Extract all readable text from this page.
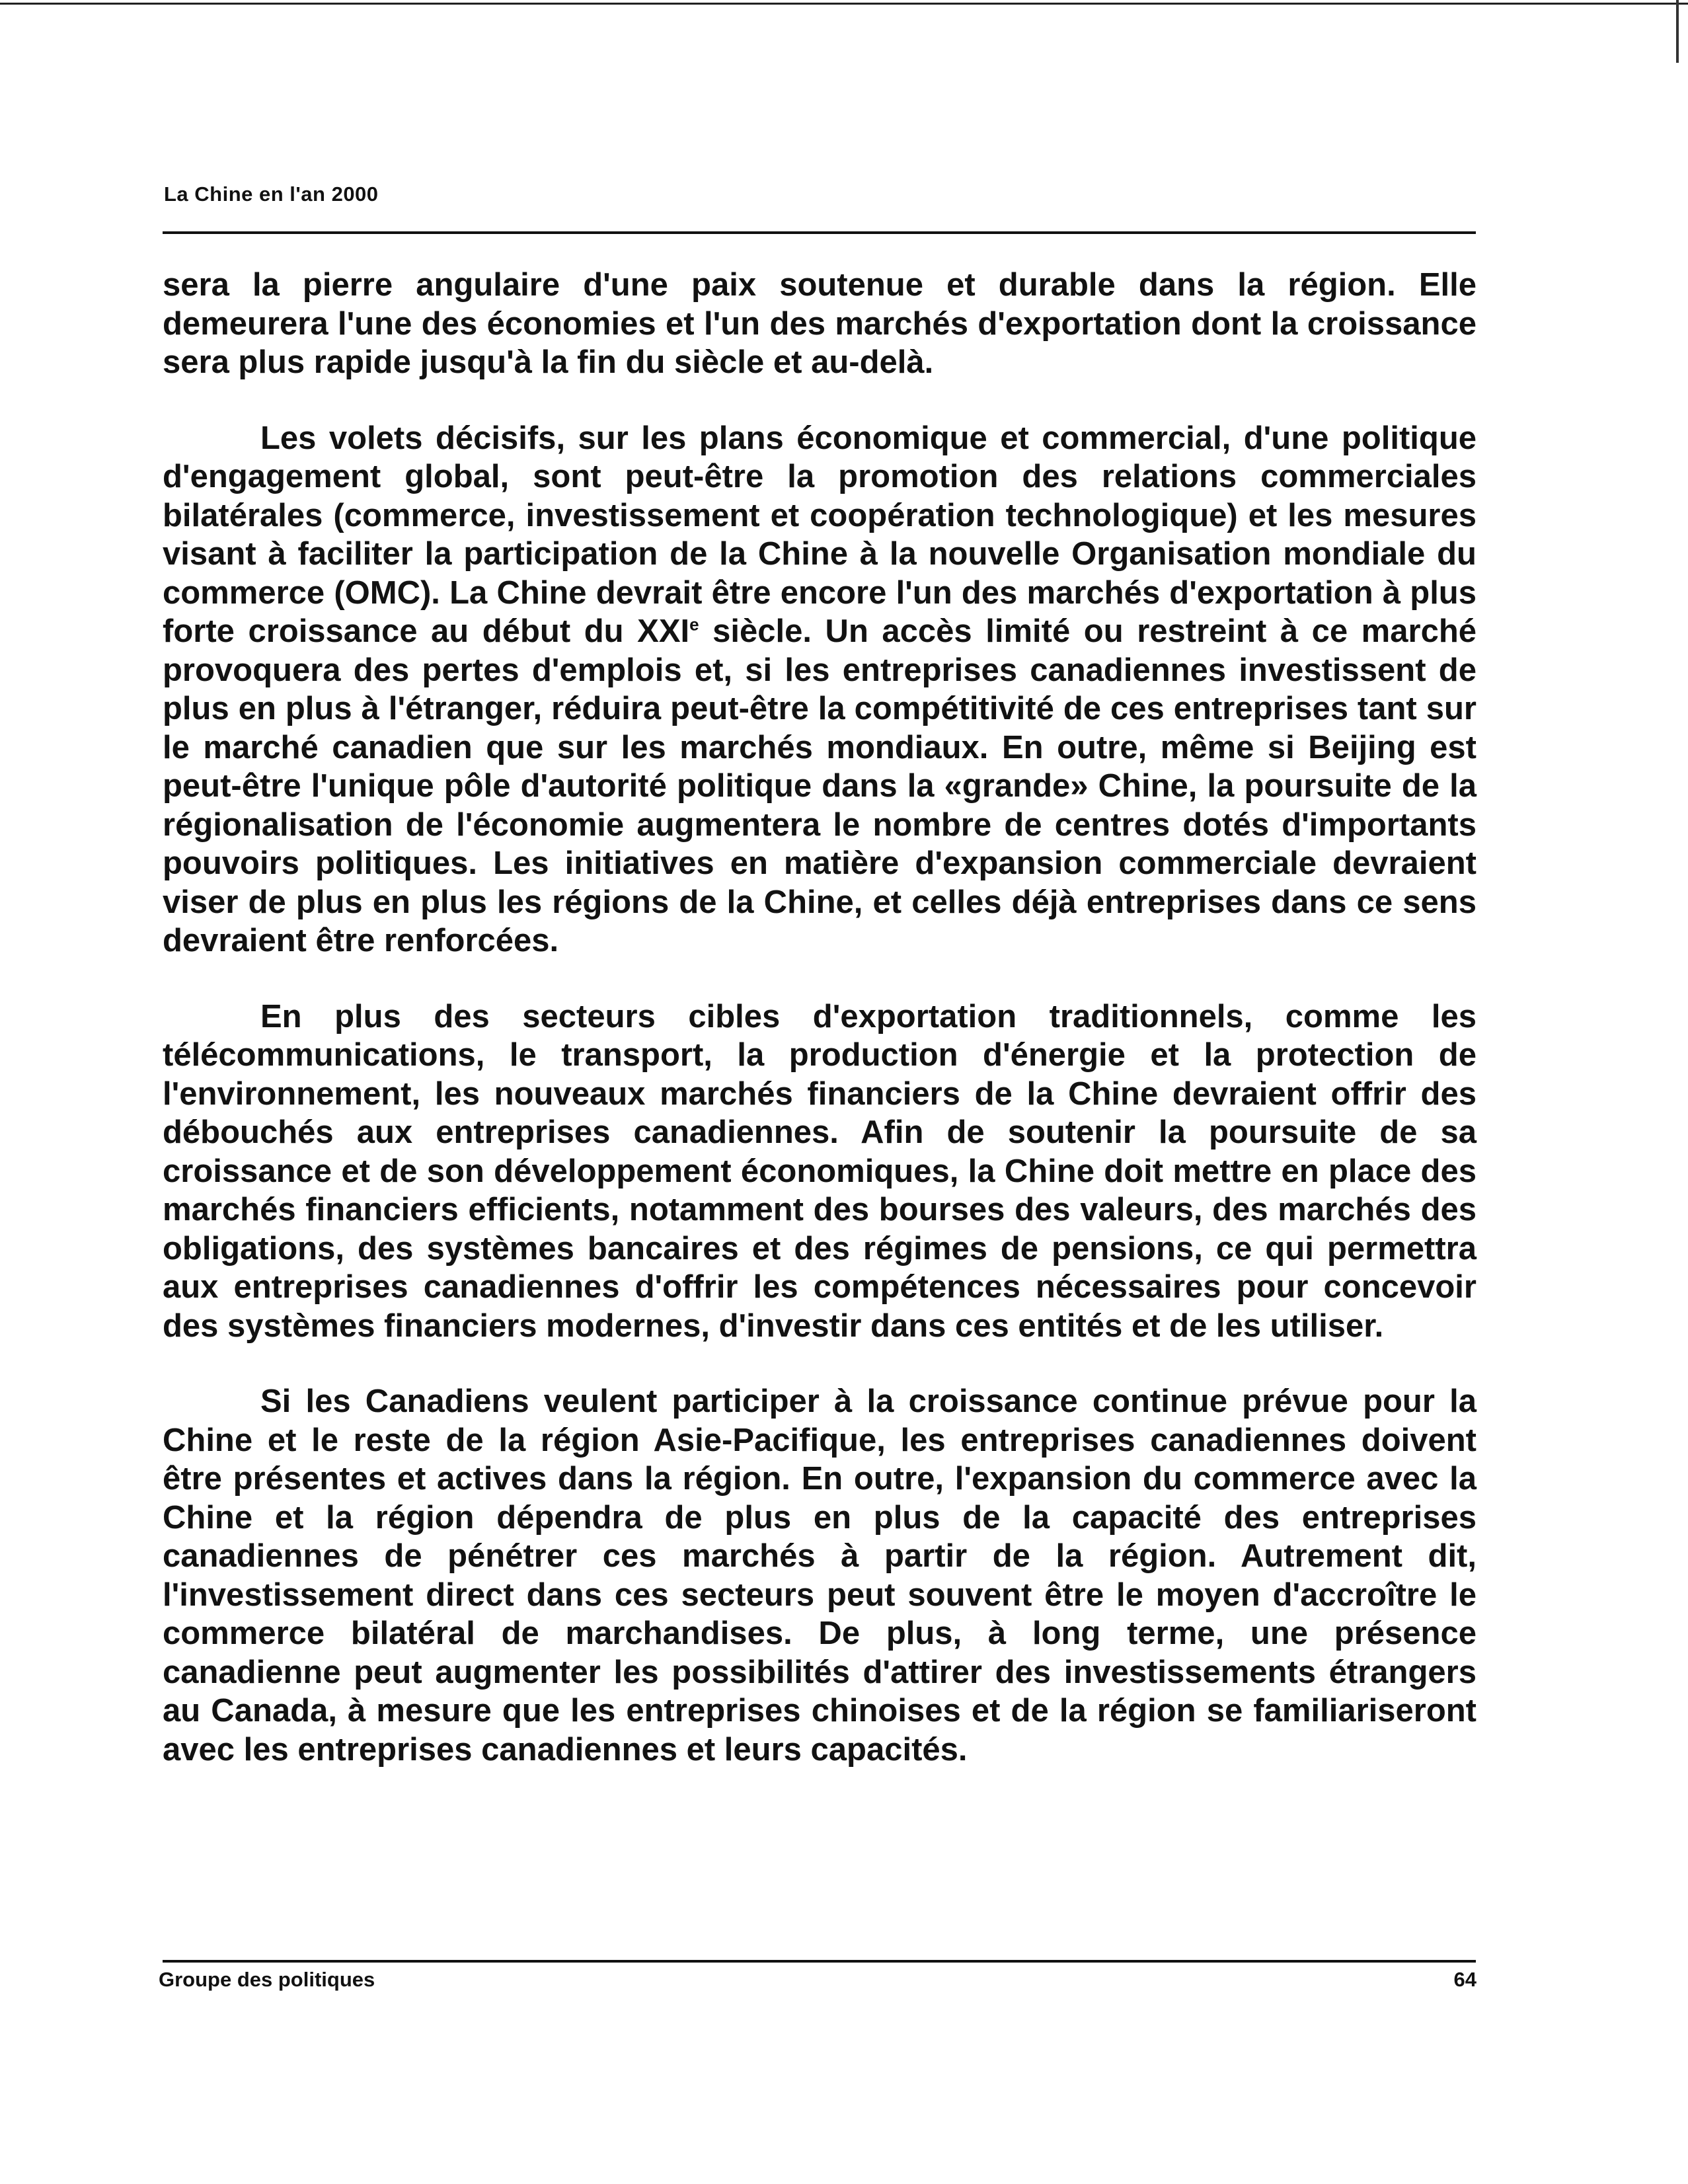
La Chine en l'an 2000

sera la pierre angulaire d'une paix soutenue et durable dans la région. Elle demeurera l'une des économies et l'un des marchés d'exportation dont la croissance sera plus rapide jusqu'à la fin du siècle et au-delà.

Les volets décisifs, sur les plans économique et commercial, d'une politique d'engagement global, sont peut-être la promotion des relations commerciales bilatérales (commerce, investissement et coopération technologique) et les mesures visant à faciliter la participation de la Chine à la nouvelle Organisation mondiale du commerce (OMC). La Chine devrait être encore l'un des marchés d'exportation à plus forte croissance au début du XXIe siècle. Un accès limité ou restreint à ce marché provoquera des pertes d'emplois et, si les entreprises canadiennes investissent de plus en plus à l'étranger, réduira peut-être la compétitivité de ces entreprises tant sur le marché canadien que sur les marchés mondiaux. En outre, même si Beijing est peut-être l'unique pôle d'autorité politique dans la «grande» Chine, la poursuite de la régionalisation de l'économie augmentera le nombre de centres dotés d'importants pouvoirs politiques. Les initiatives en matière d'expansion commerciale devraient viser de plus en plus les régions de la Chine, et celles déjà entreprises dans ce sens devraient être renforcées.

En plus des secteurs cibles d'exportation traditionnels, comme les télécommunications, le transport, la production d'énergie et la protection de l'environnement, les nouveaux marchés financiers de la Chine devraient offrir des débouchés aux entreprises canadiennes. Afin de soutenir la poursuite de sa croissance et de son développement économiques, la Chine doit mettre en place des marchés financiers efficients, notamment des bourses des valeurs, des marchés des obligations, des systèmes bancaires et des régimes de pensions, ce qui permettra aux entreprises canadiennes d'offrir les compétences nécessaires pour concevoir des systèmes financiers modernes, d'investir dans ces entités et de les utiliser.

Si les Canadiens veulent participer à la croissance continue prévue pour la Chine et le reste de la région Asie-Pacifique, les entreprises canadiennes doivent être présentes et actives dans la région. En outre, l'expansion du commerce avec la Chine et la région dépendra de plus en plus de la capacité des entreprises canadiennes de pénétrer ces marchés à partir de la région. Autrement dit, l'investissement direct dans ces secteurs peut souvent être le moyen d'accroître le commerce bilatéral de marchandises. De plus, à long terme, une présence canadienne peut augmenter les possibilités d'attirer des investissements étrangers au Canada, à mesure que les entreprises chinoises et de la région se familiariseront avec les entreprises canadiennes et leurs capacités.

Groupe des politiques	64
